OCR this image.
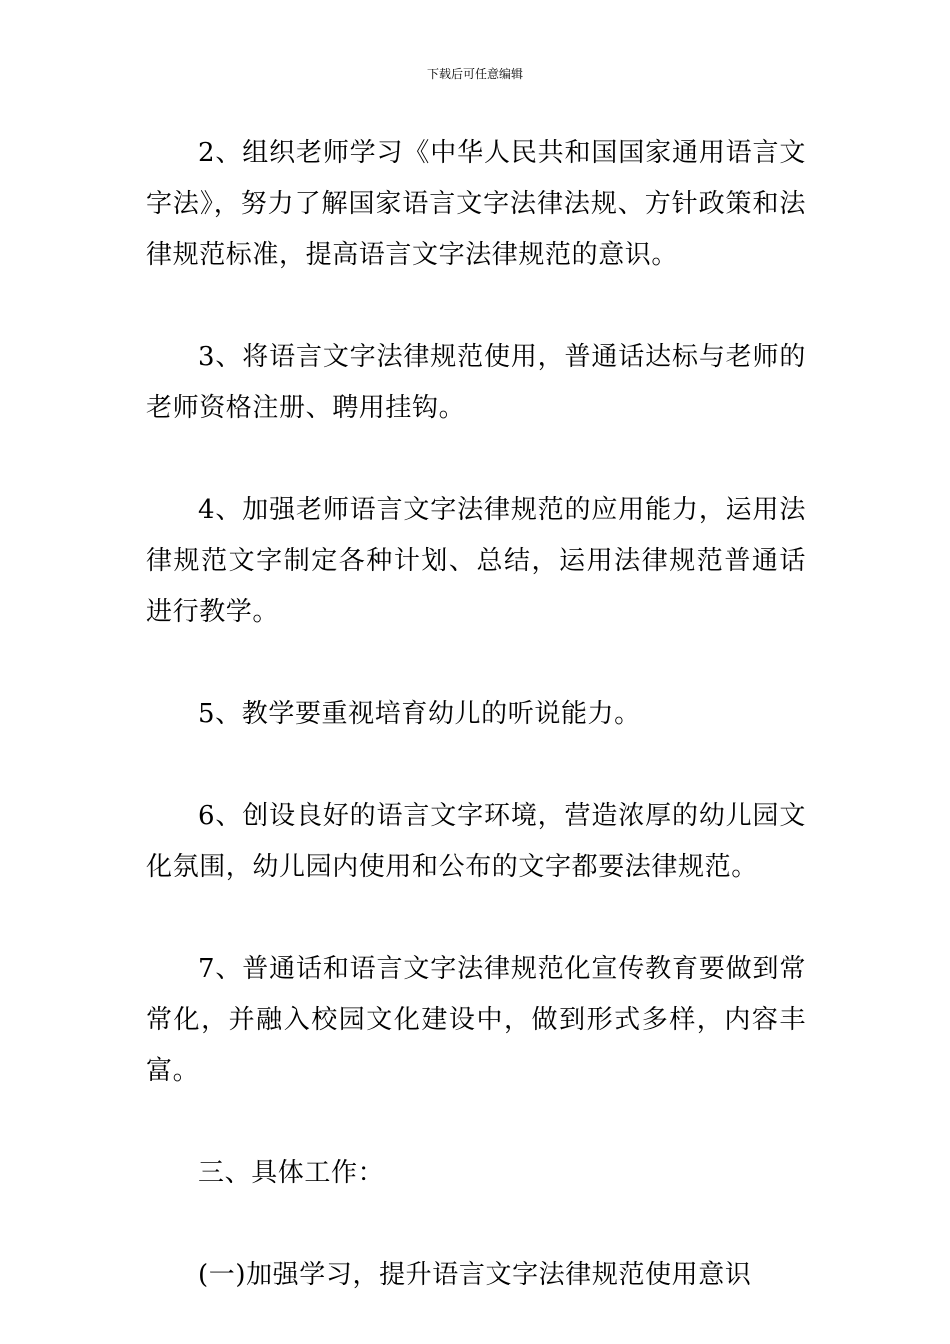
下载后可任意编辑

2、组织老师学习《中华人民共和国国家通用语言文字法》，努力了解国家语言文字法律法规、方针政策和法律规范标准，提高语言文字法律规范的意识。

3、将语言文字法律规范使用，普通话达标与老师的老师资格注册、聘用挂钩。

4、加强老师语言文字法律规范的应用能力，运用法律规范文字制定各种计划、总结，运用法律规范普通话进行教学。

5、教学要重视培育幼儿的听说能力。

6、创设良好的语言文字环境，营造浓厚的幼儿园文化氛围，幼儿园内使用和公布的文字都要法律规范。

7、普通话和语言文字法律规范化宣传教育要做到常常化，并融入校园文化建设中，做到形式多样，内容丰富。

三、具体工作：

(一)加强学习，提升语言文字法律规范使用意识
